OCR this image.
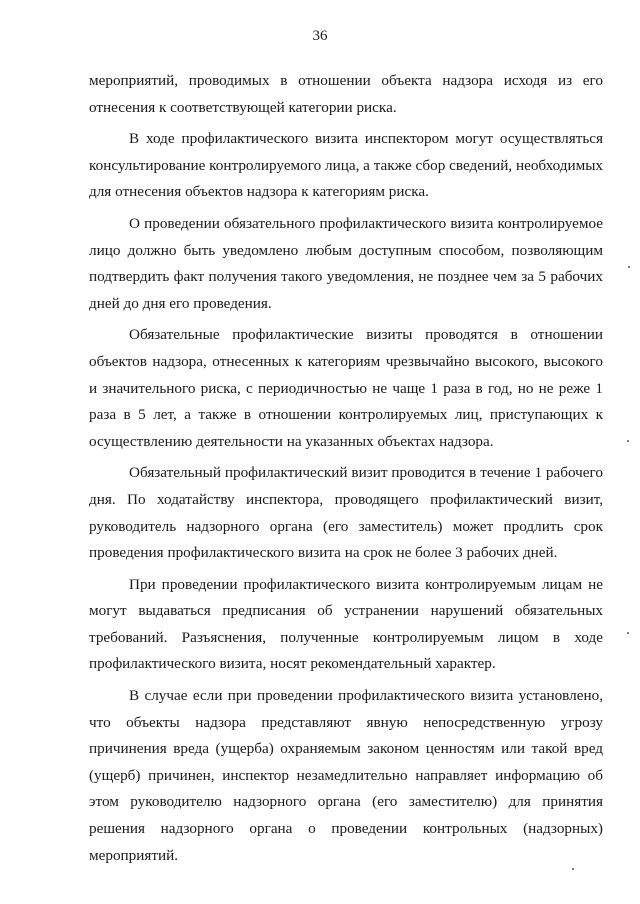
36

мероприятий, проводимых в отношении объекта надзора исходя из его отнесения к соответствующей категории риска.

В ходе профилактического визита инспектором могут осуществляться консультирование контролируемого лица, а также сбор сведений, необходимых для отнесения объектов надзора к категориям риска.

О проведении обязательного профилактического визита контролируемое лицо должно быть уведомлено любым доступным способом, позволяющим подтвердить факт получения такого уведомления, не позднее чем за 5 рабочих дней до дня его проведения.

Обязательные профилактические визиты проводятся в отношении объектов надзора, отнесенных к категориям чрезвычайно высокого, высокого и значительного риска, с периодичностью не чаще 1 раза в год, но не реже 1 раза в 5 лет, а также в отношении контролируемых лиц, приступающих к осуществлению деятельности на указанных объектах надзора.

Обязательный профилактический визит проводится в течение 1 рабочего дня. По ходатайству инспектора, проводящего профилактический визит, руководитель надзорного органа (его заместитель) может продлить срок проведения профилактического визита на срок не более 3 рабочих дней.

При проведении профилактического визита контролируемым лицам не могут выдаваться предписания об устранении нарушений обязательных требований. Разъяснения, полученные контролируемым лицом в ходе профилактического визита, носят рекомендательный характер.

В случае если при проведении профилактического визита установлено, что объекты надзора представляют явную непосредственную угрозу причинения вреда (ущерба) охраняемым законом ценностям или такой вред (ущерб) причинен, инспектор незамедлительно направляет информацию об этом руководителю надзорного органа (его заместителю) для принятия решения надзорного органа о проведении контрольных (надзорных) мероприятий.
